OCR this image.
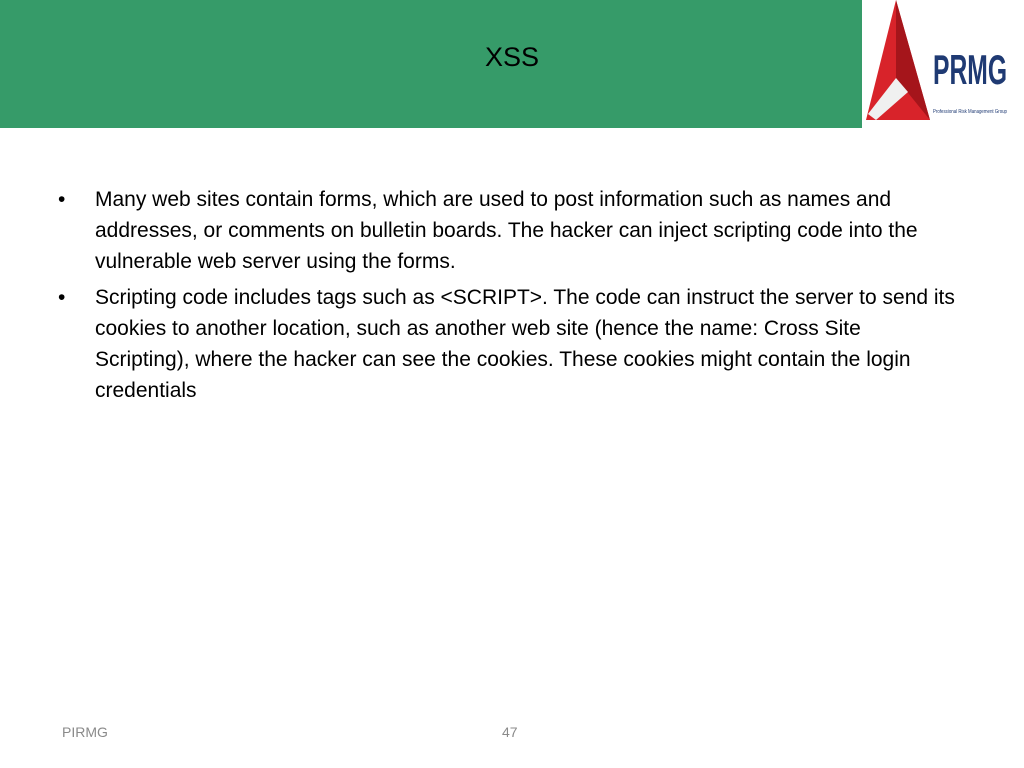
XSS	PRMG
Professional Risk Management Group
•	Many web sites contain forms, which are used to post information such as names and addresses, or comments on bulletin boards. The hacker can inject scripting code into the vulnerable web server using the forms.
•	Scripting code includes tags such as <SCRIPT>. The code can instruct the server to send its cookies to another location, such as another web site (hence the name: Cross Site Scripting), where the hacker can see the cookies. These cookies might contain the login credentials
PIRMG	47
